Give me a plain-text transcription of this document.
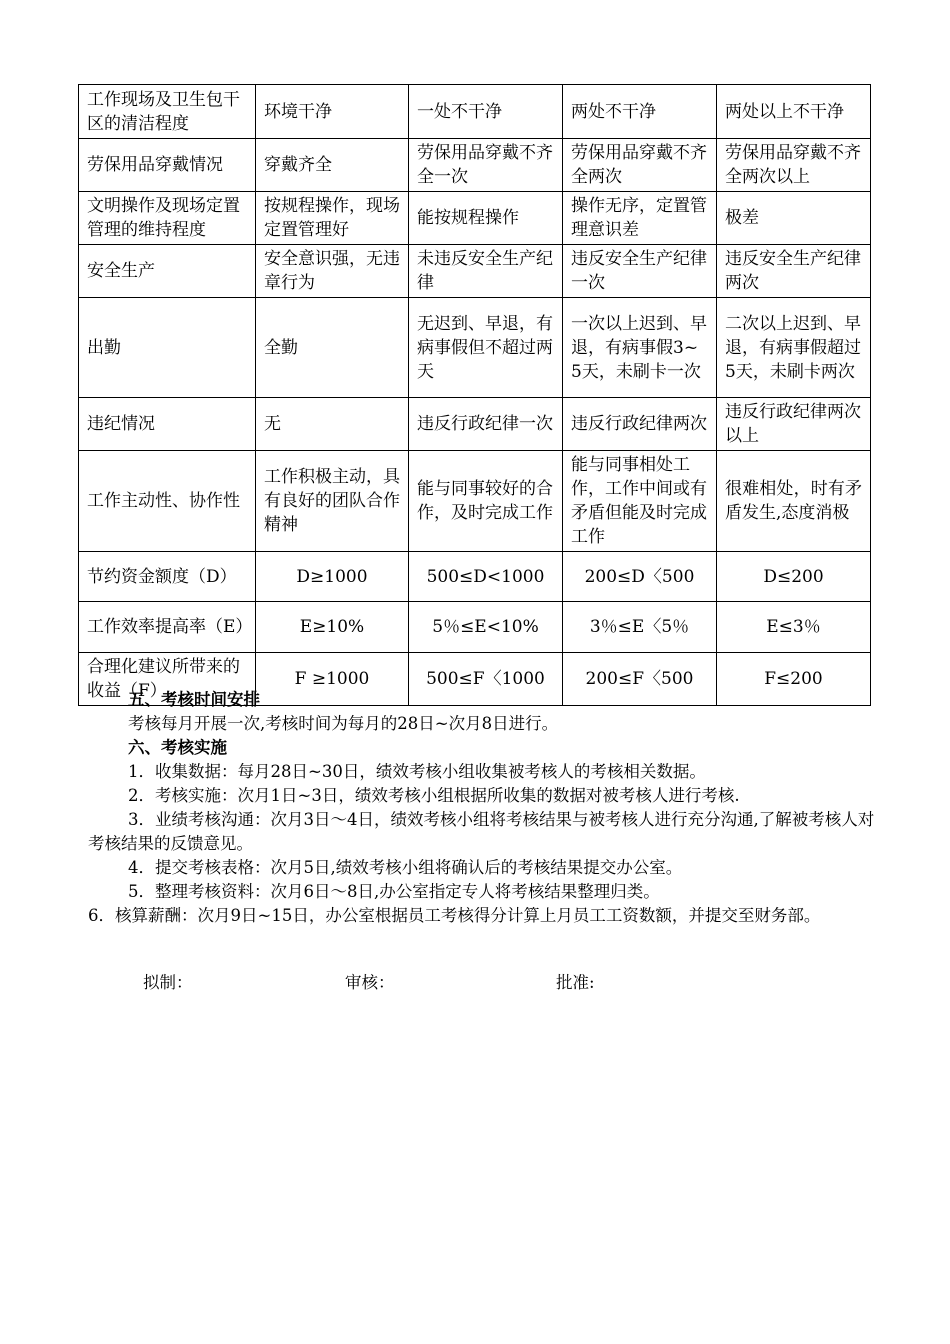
工作现场及卫生包干区的清洁程度	环境干净	一处不干净	两处不干净	两处以上不干净
劳保用品穿戴情况	穿戴齐全	劳保用品穿戴不齐全一次	劳保用品穿戴不齐全两次	劳保用品穿戴不齐全两次以上
文明操作及现场定置管理的维持程度	按规程操作，现场定置管理好	能按规程操作	操作无序，定置管理意识差	极差
安全生产	安全意识强，无违章行为	未违反安全生产纪律	违反安全生产纪律一次	违反安全生产纪律两次
出勤	全勤	无迟到、早退，有病事假但不超过两天	一次以上迟到、早退，有病事假3~5天，未刷卡一次	二次以上迟到、早退，有病事假超过5天，未刷卡两次
违纪情况	无	违反行政纪律一次	违反行政纪律两次	违反行政纪律两次以上
工作主动性、协作性	工作积极主动，具有良好的团队合作精神	能与同事较好的合作，及时完成工作	能与同事相处工作，工作中间或有矛盾但能及时完成工作	很难相处，时有矛盾发生,态度消极
节约资金额度（D）	D≥1000	500≤D<1000	200≤D〈500	D≤200
工作效率提高率（E）	E≥10%	5％≤E<10%	3％≤E〈5％	E≤3％
合理化建议所带来的收益（F）	F ≥1000	500≤F〈1000	200≤F〈500	F≤200

五、考核时间安排

考核每月开展一次,考核时间为每月的28日~次月8日进行。

六、考核实施

1．收集数据：每月28日~30日，绩效考核小组收集被考核人的考核相关数据。

2．考核实施：次月1日~3日，绩效考核小组根据所收集的数据对被考核人进行考核.

3．业绩考核沟通：次月3日～4日，绩效考核小组将考核结果与被考核人进行充分沟通,了解被考核人对考核结果的反馈意见。

4．提交考核表格：次月5日,绩效考核小组将确认后的考核结果提交办公室。

5．整理考核资料：次月6日～8日,办公室指定专人将考核结果整理归类。

6．核算薪酬：次月9日~15日，办公室根据员工考核得分计算上月员工工资数额，并提交至财务部。

拟制：	审核：	批准:
